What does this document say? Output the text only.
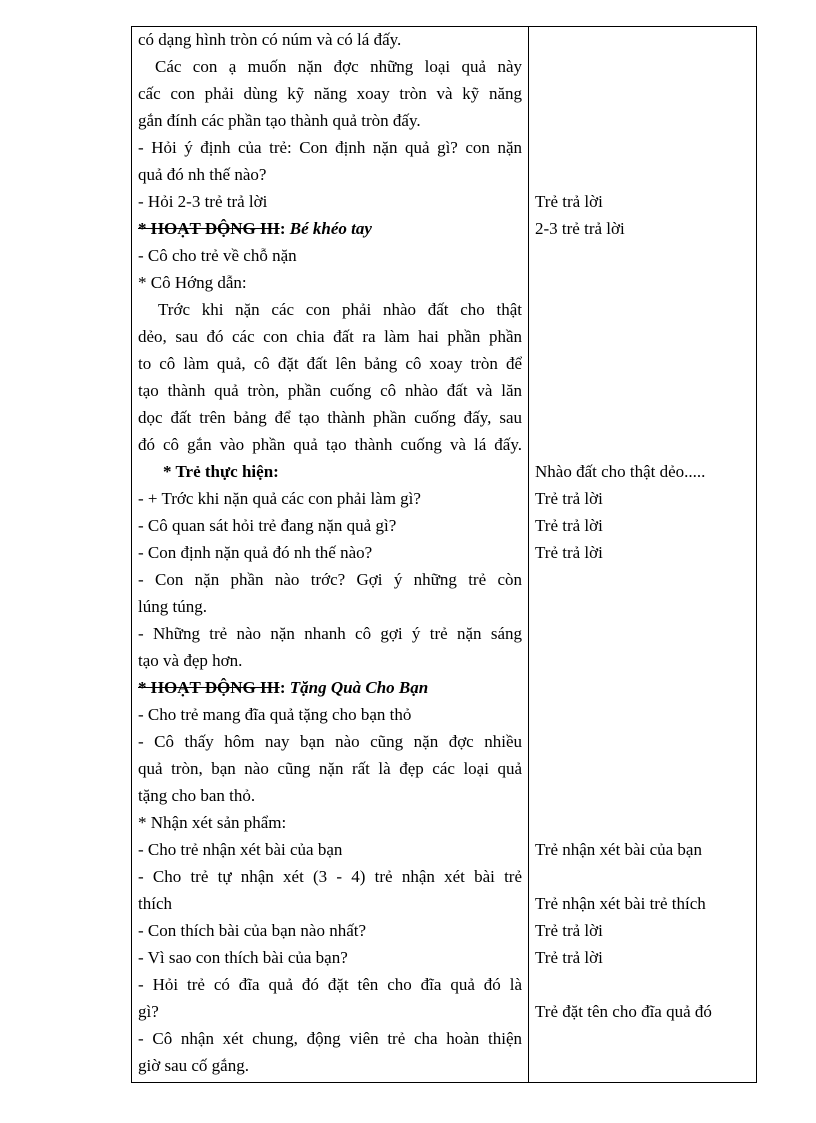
có dạng hình tròn có núm và có lá đấy.
Các con ạ muốn nặn đợc những loại quả này
cấc con phải dùng kỹ năng xoay tròn và kỹ năng
gắn đính các phần tạo thành quả tròn đấy.
- Hỏi ý định của trẻ: Con định nặn quả gì? con nặn
quả đó nh thế nào?
- Hỏi 2-3 trẻ trả lời
* HOẠT ĐỘNG III: Bé khéo tay
- Cô cho trẻ về chỗ nặn
* Cô Hớng dẫn:
Trớc khi nặn các con phải nhào đất cho thật
dẻo, sau đó các con chia đất ra làm hai phần phần
to cô làm quả, cô đặt đất lên bảng cô xoay tròn để
tạo thành quả tròn, phần cuống cô nhào đất và lăn
dọc đất trên bảng để tạo thành phần cuống đấy, sau
đó cô gắn vào phần quả tạo thành cuống và lá đấy.
* Trẻ thực hiện:
- + Trớc khi nặn quả các con phải làm gì?
- Cô quan sát hỏi trẻ đang nặn quả gì?
- Con định nặn quả đó nh thế nào?
- Con nặn phần nào trớc? Gợi ý những trẻ còn
lúng túng.
- Những trẻ nào nặn nhanh cô gợi ý trẻ nặn sáng
tạo và đẹp hơn.
* HOẠT ĐỘNG III: Tặng Quà Cho Bạn
- Cho trẻ mang đĩa quả tặng cho bạn thỏ
- Cô thấy hôm nay bạn nào cũng nặn đợc nhiều
quả tròn, bạn nào cũng nặn rất là đẹp các loại quả
tặng cho ban thỏ.
* Nhận xét sản phẩm:
- Cho trẻ nhận xét bài của bạn
- Cho trẻ tự nhận xét (3 - 4) trẻ nhận xét bài trẻ
thích
- Con thích bài của bạn nào nhất?
- Vì sao con thích bài của bạn?
- Hỏi trẻ có đĩa quả đó đặt tên cho đĩa quả đó là
gì?
- Cô nhận xét chung, động viên trẻ cha hoàn thiện
giờ sau cố gắng.
Trẻ trả lời
2-3 trẻ trả lời
Nhào đất cho thật dẻo.....
Trẻ trả lời
Trẻ trả lời
Trẻ trả lời
Trẻ nhận xét bài của bạn
Trẻ nhận xét bài trẻ thích
Trẻ trả lời
Trẻ trả lời
Trẻ đặt tên cho đĩa quả đó
